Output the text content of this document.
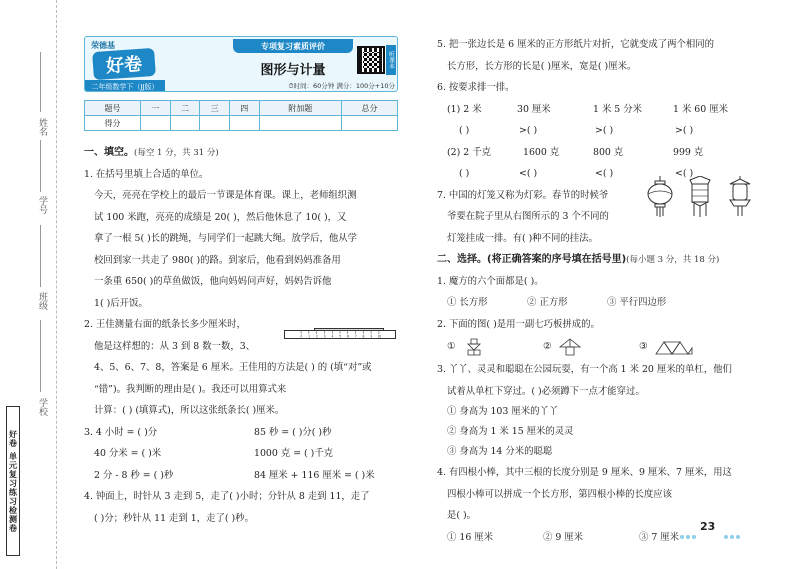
姓名
学号
班级
学校
好卷 单元复习练习检测卷
荣德基
好卷
二年级数学下（JJ版）
专项复习素质评价
图形与计量
⏱时间：60分钟 满分：100分+10分
听课本
题号	一	二	三	四	附加题	总分
得分						
一、填空。(每空 1 分，共 31 分)
1. 在括号里填上合适的单位。
今天，亮亮在学校上的最后一节课是体育课。课上，老师组织测
试 100 米跑，亮亮的成绩是 20( )，然后他休息了 10( )，又
拿了一根 5( )长的跳绳，与同学们一起跳大绳。放学后，他从学
校回到家一共走了 980( )的路。到家后，他看到妈妈准备用
一条重 650( )的草鱼做饭，他向妈妈问声好，妈妈告诉他
1( )后开饭。
2. 王佳测量右面的纸条长多少厘米时，
他是这样想的：从 3 到 8 数一数，3、
4、5、6、7、8，答案是 6 厘米。王佳用的方法是( ) 的 (填“对”或
“错”)。我判断的理由是( )。我还可以用算式来
计算：( ) (填算式)，所以这张纸条长( )厘米。
3. 4 小时 = ( )分	85 秒 = ( )分( )秒
40 分米 = ( )米	1000 克 = ( )千克
2 分 - 8 秒 = ( )秒	84 厘米 + 116 厘米 = ( )米
4. 钟面上，时针从 3 走到 5，走了( )小时；分针从 8 走到 11，走了
( )分；秒针从 11 走到 1，走了( )秒。
0 1 2 3 4 5 6 7 8 9 10
5. 把一张边长是 6 厘米的正方形纸片对折，它就变成了两个相同的
长方形，长方形的长是( )厘米，宽是( )厘米。
6. 按要求排一排。
(1) 2 米	30 厘米	1 米 5 分米	1 米 60 厘米
( )	>( )	>( )	>( )
(2) 2 千克	1600 克	800 克	999 克
( )	<( )	<( )	<( )
7. 中国的灯笼又称为灯彩。春节的时候爷
爷要在院子里从右图所示的 3 个不同的
灯笼挂成一排。有( )种不同的挂法。
二、选择。(将正确答案的序号填在括号里)(每小题 3 分，共 18 分)
1. 魔方的六个面都是( )。
① 长方形	② 正方形	③ 平行四边形
2. 下面的图( )是用一副七巧板拼成的。
①	②	③
3. 丫丫、灵灵和聪聪在公园玩耍，有一个高 1 米 20 厘米的单杠，他们
试着从单杠下穿过。( )必须蹲下一点才能穿过。
① 身高为 103 厘米的丫丫
② 身高为 1 米 15 厘米的灵灵
③ 身高为 14 分米的聪聪
4. 有四根小棒，其中三根的长度分别是 9 厘米、9 厘米、7 厘米，用这
四根小棒可以拼成一个长方形，第四根小棒的长度应该
是( )。
① 16 厘米	② 9 厘米	③ 7 厘米
23
